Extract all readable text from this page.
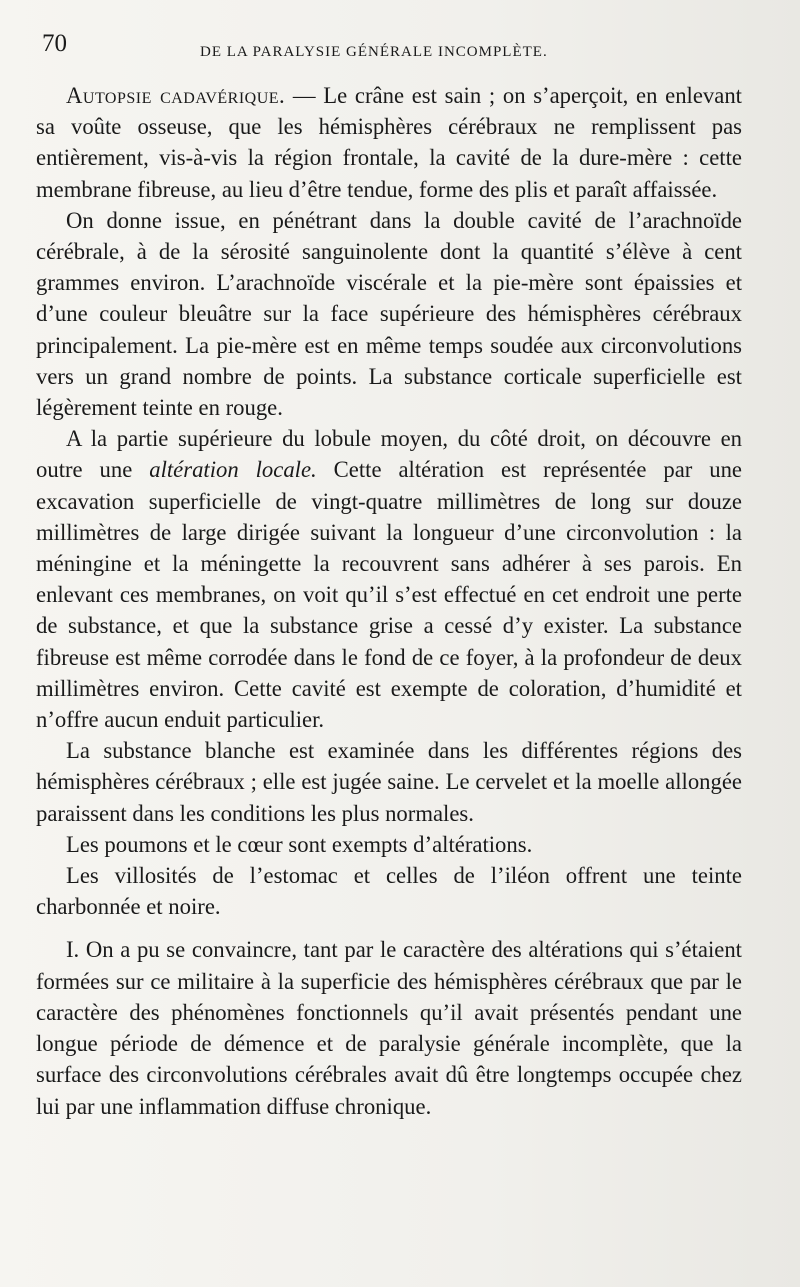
70	DE LA PARALYSIE GÉNÉRALE INCOMPLÈTE.

Autopsie cadavérique. — Le crâne est sain ; on s’aperçoit, en enlevant sa voûte osseuse, que les hémisphères cérébraux ne remplissent pas entièrement, vis-à-vis la région frontale, la cavité de la dure-mère : cette membrane fibreuse, au lieu d’être tendue, forme des plis et paraît affaissée.

On donne issue, en pénétrant dans la double cavité de l’arachnoïde cérébrale, à de la sérosité sanguinolente dont la quantité s’élève à cent grammes environ. L’arachnoïde viscérale et la pie-mère sont épaissies et d’une couleur bleuâtre sur la face supérieure des hémisphères cérébraux principalement. La pie-mère est en même temps soudée aux circonvolutions vers un grand nombre de points. La substance corticale superficielle est légèrement teinte en rouge.

A la partie supérieure du lobule moyen, du côté droit, on découvre en outre une altération locale. Cette altération est représentée par une excavation superficielle de vingt-quatre millimètres de long sur douze millimètres de large dirigée suivant la longueur d’une circonvolution : la méningine et la méningette la recouvrent sans adhérer à ses parois. En enlevant ces membranes, on voit qu’il s’est effectué en cet endroit une perte de substance, et que la substance grise a cessé d’y exister. La substance fibreuse est même corrodée dans le fond de ce foyer, à la profondeur de deux millimètres environ. Cette cavité est exempte de coloration, d’humidité et n’offre aucun enduit particulier.

La substance blanche est examinée dans les différentes régions des hémisphères cérébraux ; elle est jugée saine. Le cervelet et la moelle allongée paraissent dans les conditions les plus normales.

Les poumons et le cœur sont exempts d’altérations.

Les villosités de l’estomac et celles de l’iléon offrent une teinte charbonnée et noire.

I. On a pu se convaincre, tant par le caractère des altérations qui s’étaient formées sur ce militaire à la superficie des hémisphères cérébraux que par le caractère des phénomènes fonctionnels qu’il avait présentés pendant une longue période de démence et de paralysie générale incomplète, que la surface des circonvolutions cérébrales avait dû être longtemps occupée chez lui par une inflammation diffuse chronique.
